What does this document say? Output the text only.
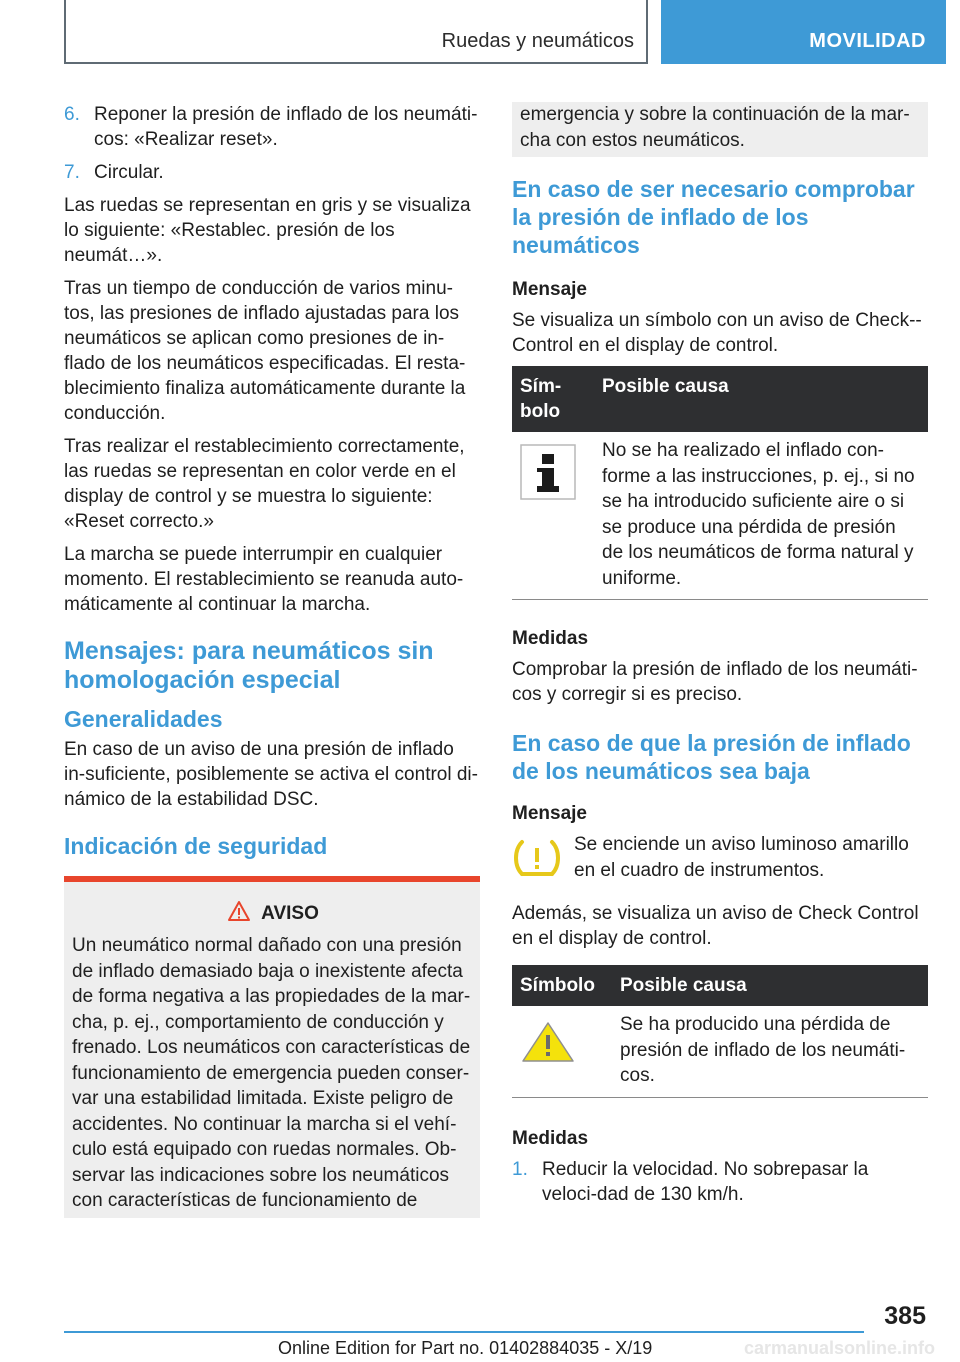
Ruedas y neumáticos	MOVILIDAD
6. Reponer la presión de inflado de los neumáti‐cos: «Realizar reset».
7. Circular.

Las ruedas se representan en gris y se visualiza lo siguiente: «Restablec. presión de los neumát…».

Tras un tiempo de conducción de varios minu‐tos, las presiones de inflado ajustadas para los neumáticos se aplican como presiones de in‐flado de los neumáticos especificadas. El resta‐blecimiento finaliza automáticamente durante la conducción.

Tras realizar el restablecimiento correctamente, las ruedas se representan en color verde en el display de control y se muestra lo siguiente: «Reset correcto.»

La marcha se puede interrumpir en cualquier momento. El restablecimiento se reanuda auto‐máticamente al continuar la marcha.

Mensajes: para neumáticos sin homologación especial
Generalidades

En caso de un aviso de una presión de inflado in‐suficiente, posiblemente se activa el control di‐námico de la estabilidad DSC.

Indicación de seguridad
AVISO

Un neumático normal dañado con una presión de inflado demasiado baja o inexistente afecta de forma negativa a las propiedades de la mar‐cha, p. ej., comportamiento de conducción y frenado. Los neumáticos con características de funcionamiento de emergencia pueden conser‐var una estabilidad limitada. Existe peligro de accidentes. No continuar la marcha si el vehí‐culo está equipado con ruedas normales. Ob‐servar las indicaciones sobre los neumáticos con características de funcionamiento de

emergencia y sobre la continuación de la mar‐cha con estos neumáticos.

En caso de ser necesario comprobar la presión de inflado de los neumáticos
Mensaje

Se visualiza un símbolo con un aviso de Check‐-Control en el display de control.

Sím‐bolo	Posible causa
	No se ha realizado el inflado con‐forme a las instrucciones, p. ej., si no se ha introducido suficiente aire o si se produce una pérdida de presión de los neumáticos de forma natural y uniforme.
Medidas

Comprobar la presión de inflado de los neumáti‐cos y corregir si es preciso.

En caso de que la presión de inflado de los neumáticos sea baja
Mensaje
Se enciende un aviso luminoso amarillo en el cuadro de instrumentos.

Además, se visualiza un aviso de Check Control en el display de control.

Símbolo	Posible causa
	Se ha producido una pérdida de presión de inflado de los neumáti‐cos.
Medidas
1. Reducir la velocidad. No sobrepasar la veloci‐dad de 130 km/h.
385
Online Edition for Part no. 01402884035 - X/19	carmanualsonline.info
